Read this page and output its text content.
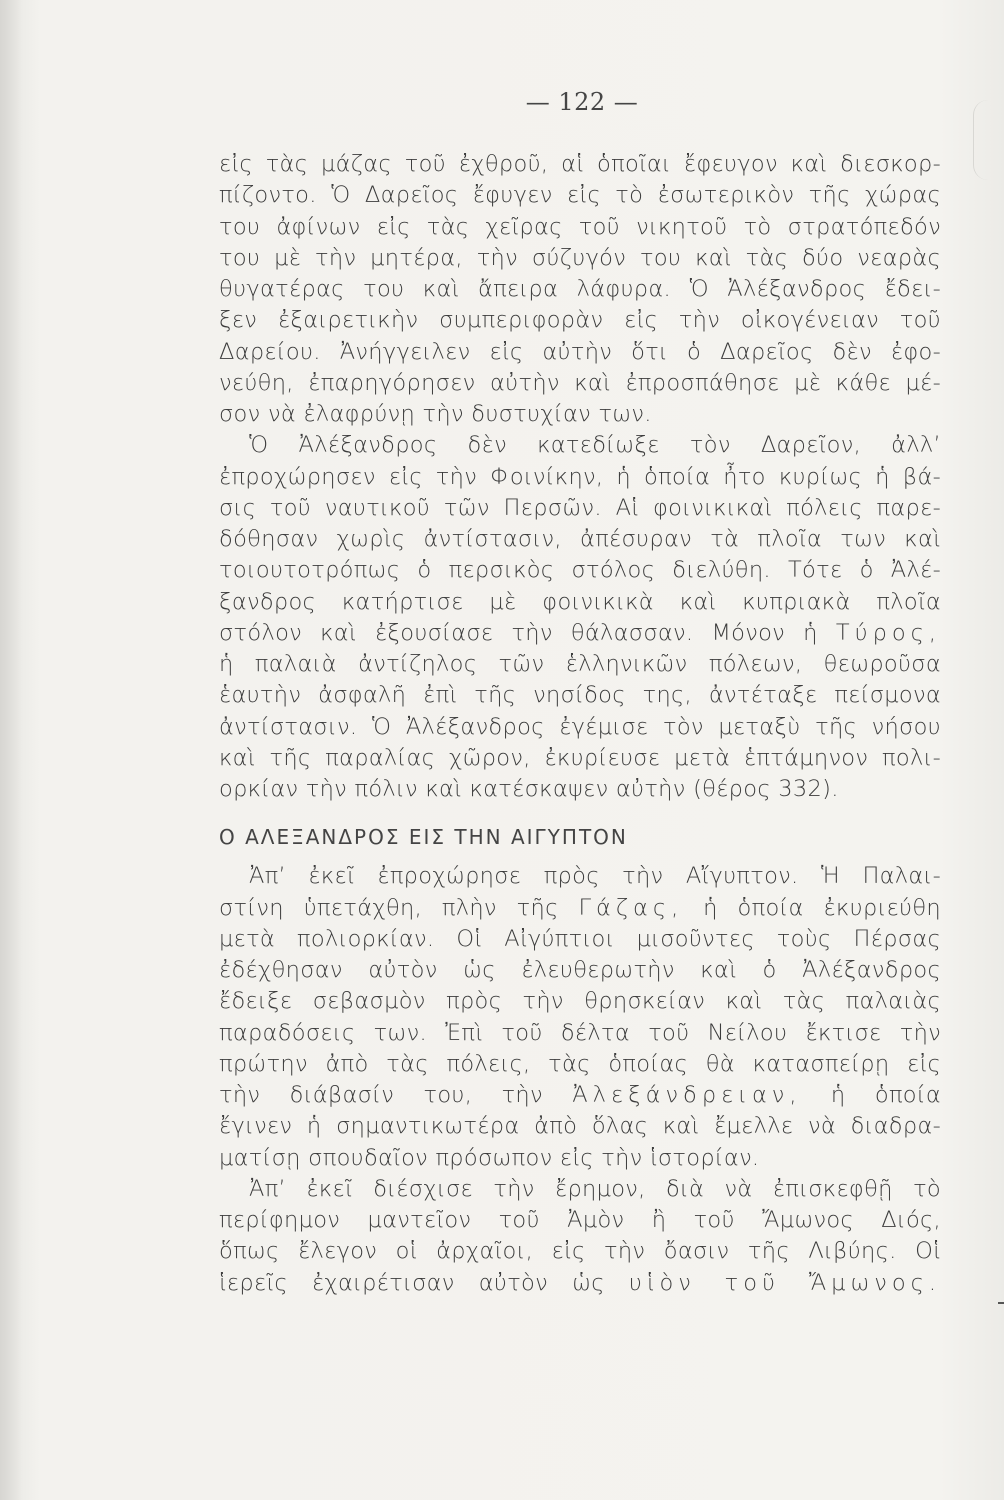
— 122 —
εἰς τὰς μάζας τοῦ ἐχθροῦ, αἱ ὁποῖαι ἔφευγον καὶ διεσκορ-
πίζοντο. Ὁ Δαρεῖος ἔφυγεν εἰς τὸ ἐσωτερικὸν τῆς χώρας
του ἀφίνων εἰς τὰς χεῖρας τοῦ νικητοῦ τὸ στρατόπεδόν
του μὲ τὴν μητέρα, τὴν σύζυγόν του καὶ τὰς δύο νεαρὰς
θυγατέρας του καὶ ἄπειρα λάφυρα. Ὁ Ἀλέξανδρος ἔδει-
ξεν ἐξαιρετικὴν συμπεριφορὰν εἰς τὴν οἰκογένειαν τοῦ
Δαρείου. Ἀνήγγειλεν εἰς αὐτὴν ὅτι ὁ Δαρεῖος δὲν ἐφο-
νεύθη, ἐπαρηγόρησεν αὐτὴν καὶ ἐπροσπάθησε μὲ κάθε μέ-
σον νὰ ἐλαφρύνῃ τὴν δυστυχίαν των.
Ὁ Ἀλέξανδρος δὲν κατεδίωξε τὸν Δαρεῖον, ἀλλ’
ἐπροχώρησεν εἰς τὴν Φοινίκην, ἡ ὁποία ἦτο κυρίως ἡ βά-
σις τοῦ ναυτικοῦ τῶν Περσῶν. Αἱ φοινικικαὶ πόλεις παρε-
δόθησαν χωρὶς ἀντίστασιν, ἀπέσυραν τὰ πλοῖα των καὶ
τοιουτοτρόπως ὁ περσικὸς στόλος διελύθη. Τότε ὁ Ἀλέ-
ξανδρος κατήρτισε μὲ φοινικικὰ καὶ κυπριακὰ πλοῖα
στόλον καὶ ἐξουσίασε τὴν θάλασσαν. Μόνον ἡ Τύρος,
ἡ παλαιὰ ἀντίζηλος τῶν ἑλληνικῶν πόλεων, θεωροῦσα
ἑαυτὴν ἀσφαλῆ ἐπὶ τῆς νησίδος της, ἀντέταξε πείσμονα
ἀντίστασιν. Ὁ Ἀλέξανδρος ἐγέμισε τὸν μεταξὺ τῆς νήσου
καὶ τῆς παραλίας χῶρον, ἐκυρίευσε μετὰ ἑπτάμηνον πολι-
ορκίαν τὴν πόλιν καὶ κατέσκαψεν αὐτὴν (θέρος 332).
Ο ΑΛΕΞΑΝΔΡΟΣ ΕΙΣ ΤΗΝ ΑΙΓΥΠΤΟΝ
Ἀπ’ ἐκεῖ ἐπροχώρησε πρὸς τὴν Αἴγυπτον. Ἡ Παλαι-
στίνη ὑπετάχθη, πλὴν τῆς Γάζας, ἡ ὁποία ἐκυριεύθη
μετὰ πολιορκίαν. Οἱ Αἰγύπτιοι μισοῦντες τοὺς Πέρσας
ἐδέχθησαν αὐτὸν ὡς ἐλευθερωτὴν καὶ ὁ Ἀλέξανδρος
ἔδειξε σεβασμὸν πρὸς τὴν θρησκείαν καὶ τὰς παλαιὰς
παραδόσεις των. Ἐπὶ τοῦ δέλτα τοῦ Νείλου ἔκτισε τὴν
πρώτην ἀπὸ τὰς πόλεις, τὰς ὁποίας θὰ κατασπείρῃ εἰς
τὴν διάβασίν του, τὴν Ἀλεξάνδρειαν, ἡ ὁποία
ἔγινεν ἡ σημαντικωτέρα ἀπὸ ὅλας καὶ ἔμελλε νὰ διαδρα-
ματίσῃ σπουδαῖον πρόσωπον εἰς τὴν ἱστορίαν.
Ἀπ’ ἐκεῖ διέσχισε τὴν ἔρημον, διὰ νὰ ἐπισκεφθῇ τὸ
περίφημον μαντεῖον τοῦ Ἀμὸν ἢ τοῦ Ἄμωνος Διός,
ὅπως ἔλεγον οἱ ἀρχαῖοι, εἰς τὴν ὄασιν τῆς Λιβύης. Οἱ
ἱερεῖς ἐχαιρέτισαν αὐτὸν ὡς υἱὸν τοῦ Ἄμωνος.
